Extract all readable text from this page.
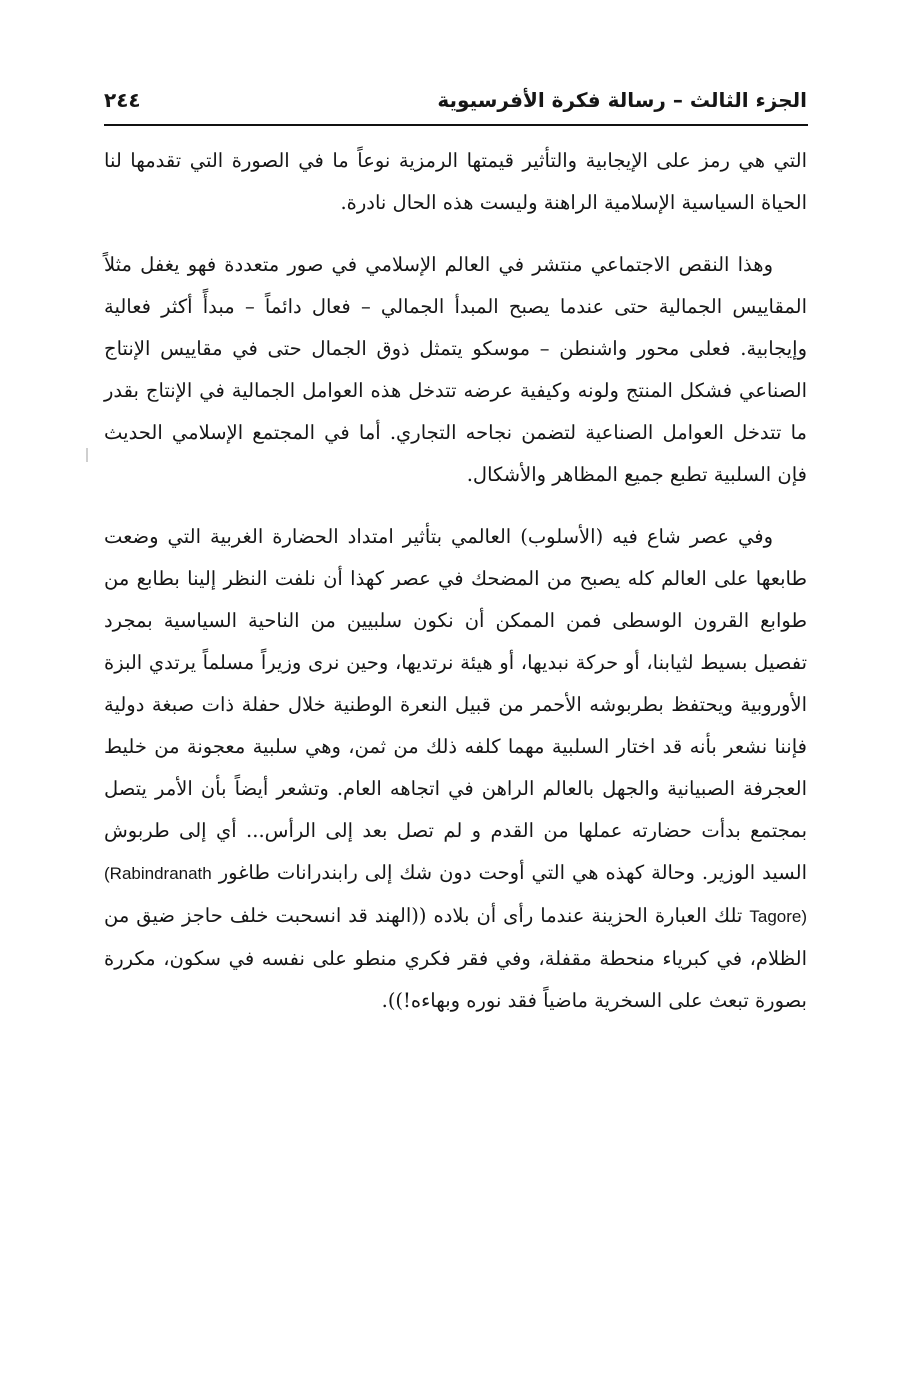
الجزء الثالث – رسالة فكرة الأفرسيوية
٢٤٤

التي هي رمز على الإيجابية والتأثير قيمتها الرمزية نوعاً ما في الصورة التي تقدمها لنا الحياة السياسية الإسلامية الراهنة وليست هذه الحال نادرة.

وهذا النقص الاجتماعي منتشر في العالم الإسلامي في صور متعددة فهو يغفل مثلاً المقاييس الجمالية حتى عندما يصبح المبدأ الجمالي – فعال دائماً – مبدأً أكثر فعالية وإيجابية. فعلى محور واشنطن – موسكو يتمثل ذوق الجمال حتى في مقاييس الإنتاج الصناعي فشكل المنتج ولونه وكيفية عرضه تتدخل هذه العوامل الجمالية في الإنتاج بقدر ما تتدخل العوامل الصناعية لتضمن نجاحه التجاري. أما في المجتمع الإسلامي الحديث فإن السلبية تطبع جميع المظاهر والأشكال.

وفي عصر شاع فيه (الأسلوب) العالمي بتأثير امتداد الحضارة الغربية التي وضعت طابعها على العالم كله يصبح من المضحك في عصر كهذا أن نلفت النظر إلينا بطابع من طوابع القرون الوسطى فمن الممكن أن نكون سلبيين من الناحية السياسية بمجرد تفصيل بسيط لثيابنا، أو حركة نبديها، أو هيئة نرتديها، وحين نرى وزيراً مسلماً يرتدي البزة الأوروبية ويحتفظ بطربوشه الأحمر من قبيل النعرة الوطنية خلال حفلة ذات صبغة دولية فإننا نشعر بأنه قد اختار السلبية مهما كلفه ذلك من ثمن، وهي سلبية معجونة من خليط العجرفة الصبيانية والجهل بالعالم الراهن في اتجاهه العام. وتشعر أيضاً بأن الأمر يتصل بمجتمع بدأت حضارته عملها من القدم و لم تصل بعد إلى الرأس... أي إلى طربوش السيد الوزير. وحالة كهذه هي التي أوحت دون شك إلى رابندرانات طاغور (Rabindranath Tagore) تلك العبارة الحزينة عندما رأى أن بلاده ((الهند قد انسحبت خلف حاجز ضيق من الظلام، في كبرياء منحطة مقفلة، وفي فقر فكري منطو على نفسه في سكون، مكررة بصورة تبعث على السخرية ماضياً فقد نوره وبهاءه!)).
